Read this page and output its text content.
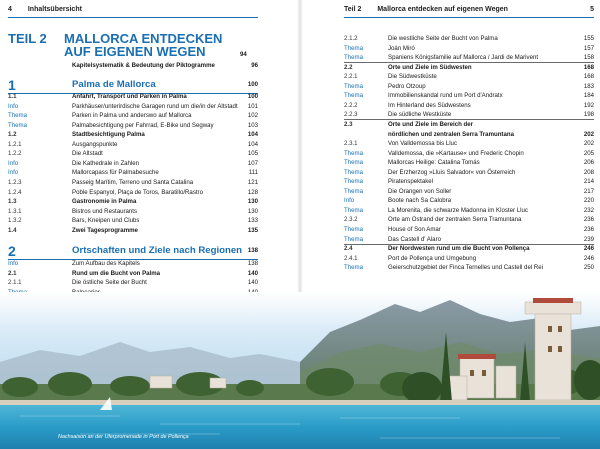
4 Inhaltsübersicht
TEIL 2 MALLORCA ENTDECKEN
AUF EIGENEN WEGEN	94
Kapitelsystematik & Bedeutung der Piktogramme	96
1	Palma de Mallorca	100
1.1	Anfahrt, Transport und Parken in Palma	100
Info	Parkhäuser/unterirdische Garagen rund um die/in der Altstadt	101
Thema	Parken in Palma und anderswo auf Mallorca	102
Thema	Palmabesichtigung per Fahrrad, E-Bike und Segway	103
1.2	Stadtbesichtigung Palma	104
1.2.1	Ausgangspunkte	104
1.2.2	Die Altstadt	105
Info	Die Kathedrale in Zahlen	107
Info	Mallorcapass für Palmabesuche	111
1.2.3	Passeig Marítim, Terreno und Santa Catalina	121
1.2.4	Poble Espanyol, Plaça de Toros, Baratillo/Rastro	128
1.3	Gastronomie in Palma	130
1.3.1	Bistros und Restaurants	130
1.3.2	Bars, Kneipen und Clubs	133
1.4	Zwei Tagesprogramme	135
2	Ortschaften und Ziele nach Regionen 138
Info	Zum Aufbau des Kapitels	138
2.1	Rund um die Bucht von Palma	140
2.1.1	Die östliche Seite der Bucht	140
Teil 2 Mallorca entdecken auf eigenen Wegen	5
2.1.2	Die westliche Seite der Bucht von Palma	155
Thema	Joán Miró	157
Thema	Spaniens Königsfamilie auf Mallorca / Jardi de Marivent	158
2.2	Orte und Ziele im Südwesten	168
2.2.1	Die Südwestküste	168
Thema	Pedro Otzoup	183
Thema	Immobilienskandal rund um Port d'Andratx	184
2.2.2	Im Hinterland des Südwestens	192
2.2.3	Die südliche Westküste	198
2.3	Orte und Ziele im Bereich der
nördlichen und zentralen Serra Tramuntana	202
2.3.1	Von Valldemossa bis Lluc	202
Thema	Valldemossa, die »Kartause« und Frederic Chopin	205
Thema	Mallorcas Heilige: Catalina Tomás	206
Thema	Der Erzherzog »Lluis Salvador« von Österreich	208
Thema	Piratenspektakel	214
Thema	Die Orangen von Soller	217
Info	Boote nach Sa Calobra	220
Thema	La Morenita, die schwarze Madonna im Kloster Lluc	232
2.3.2	Orte am Ostrand der zentralen Serra Tramuntana	236
Thema	House of Son Amar	236
Thema	Das Castell d' Alaro	239
2.4	Der Nordwesten rund um die Bucht von Pollença	246
2.4.1	Port de Pollença und Umgebung	246
Thema	Geierschutzgebiet der Finca Ternelles und Castell del Rei	250
Nachsaison an der Uferpromenade in Port de Pollença
